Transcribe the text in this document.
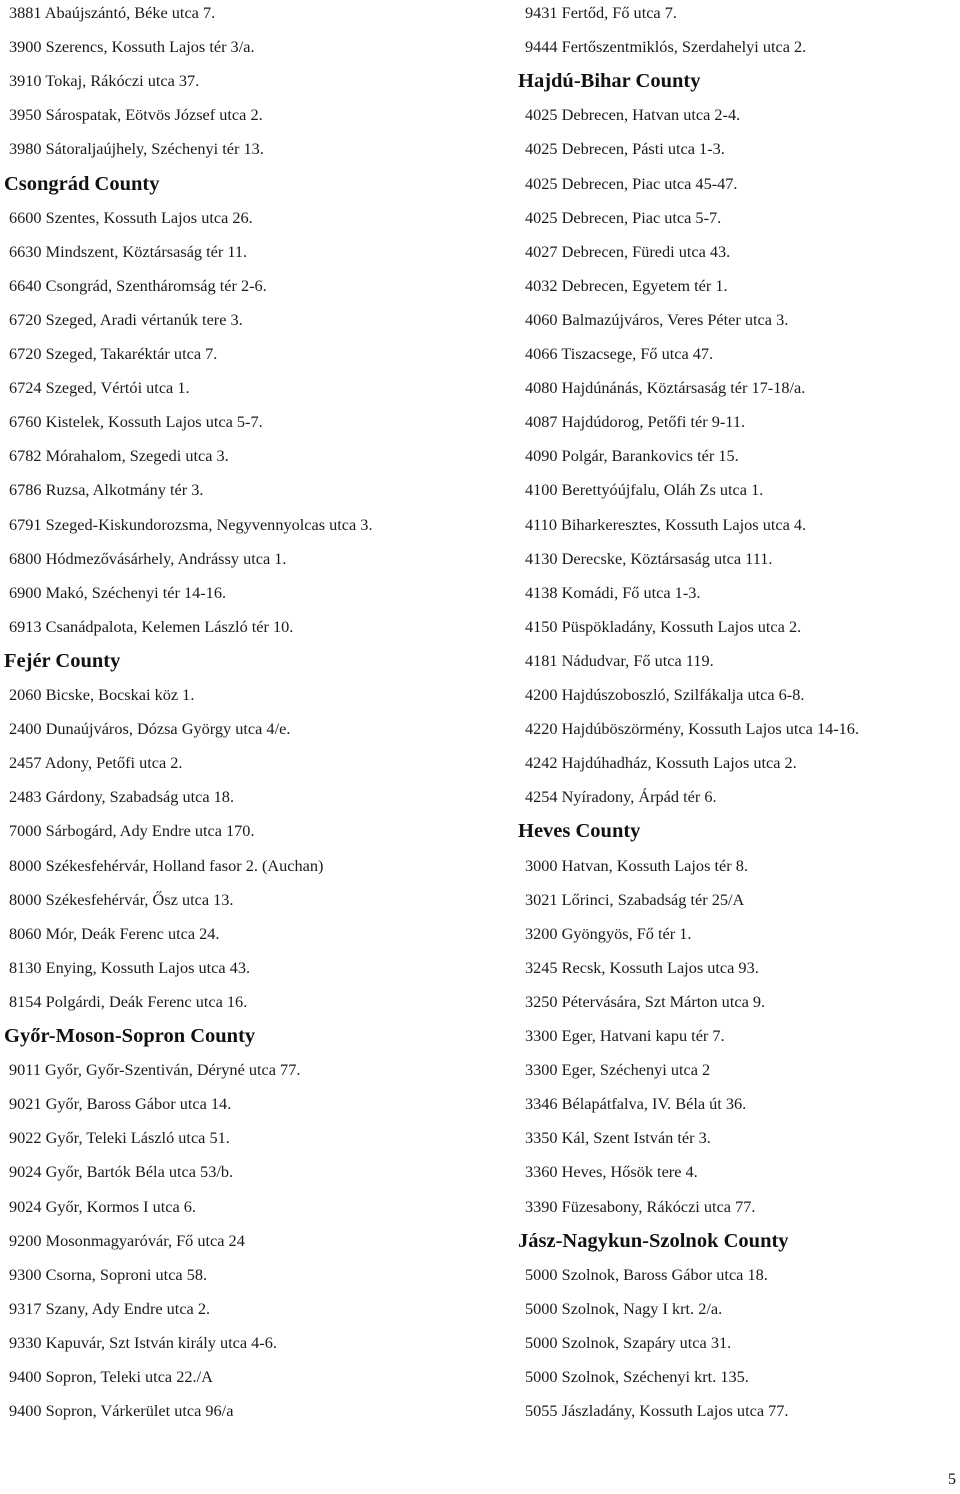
3881 Abaújszántó, Béke utca 7.
3900 Szerencs, Kossuth Lajos tér 3/a.
3910 Tokaj, Rákóczi utca 37.
3950 Sárospatak, Eötvös József utca 2.
3980 Sátoraljaújhely, Széchenyi tér 13.
Csongrád County
6600 Szentes, Kossuth Lajos utca 26.
6630 Mindszent, Köztársaság tér 11.
6640 Csongrád, Szentháromság tér 2-6.
6720 Szeged, Aradi vértanúk tere 3.
6720 Szeged, Takaréktár utca 7.
6724 Szeged, Vértói utca 1.
6760 Kistelek, Kossuth Lajos utca 5-7.
6782 Mórahalom, Szegedi utca 3.
6786 Ruzsa, Alkotmány tér 3.
6791 Szeged-Kiskundorozsma, Negyvennyolcas utca 3.
6800 Hódmezővásárhely, Andrássy utca 1.
6900 Makó, Széchenyi tér 14-16.
6913 Csanádpalota, Kelemen László tér 10.
Fejér County
2060 Bicske, Bocskai köz 1.
2400 Dunaújváros, Dózsa György utca 4/e.
2457 Adony, Petőfi utca 2.
2483 Gárdony, Szabadság utca 18.
7000 Sárbogárd, Ady Endre utca 170.
8000 Székesfehérvár, Holland fasor 2. (Auchan)
8000 Székesfehérvár, Ősz utca 13.
8060 Mór, Deák Ferenc utca 24.
8130 Enying, Kossuth Lajos utca 43.
8154 Polgárdi, Deák Ferenc utca 16.
Győr-Moson-Sopron County
9011 Győr, Győr-Szentiván, Déryné utca 77.
9021 Győr, Baross Gábor utca 14.
9022 Győr, Teleki László utca 51.
9024 Győr, Bartók Béla utca 53/b.
9024 Győr, Kormos I utca 6.
9200 Mosonmagyaróvár, Fő utca 24
9300 Csorna, Soproni utca 58.
9317 Szany, Ady Endre utca 2.
9330 Kapuvár, Szt István király utca 4-6.
9400 Sopron, Teleki utca 22./A
9400 Sopron, Várkerület utca 96/a
9431 Fertőd, Fő utca 7.
9444 Fertőszentmiklós, Szerdahelyi utca 2.
Hajdú-Bihar County
4025 Debrecen, Hatvan utca 2-4.
4025 Debrecen, Pásti utca 1-3.
4025 Debrecen, Piac utca 45-47.
4025 Debrecen, Piac utca 5-7.
4027 Debrecen, Füredi utca 43.
4032 Debrecen, Egyetem tér 1.
4060 Balmazújváros, Veres Péter utca 3.
4066 Tiszacsege, Fő utca 47.
4080 Hajdúnánás, Köztársaság tér 17-18/a.
4087 Hajdúdorog, Petőfi tér 9-11.
4090 Polgár, Barankovics tér 15.
4100 Berettyóújfalu, Oláh Zs utca 1.
4110 Biharkeresztes, Kossuth Lajos utca 4.
4130 Derecske, Köztársaság utca 111.
4138 Komádi, Fő utca 1-3.
4150 Püspökladány, Kossuth Lajos utca 2.
4181 Nádudvar, Fő utca 119.
4200 Hajdúszoboszló, Szilfákalja utca 6-8.
4220 Hajdúböszörmény, Kossuth Lajos utca 14-16.
4242 Hajdúhadház, Kossuth Lajos utca 2.
4254 Nyíradony, Árpád tér 6.
Heves County
3000 Hatvan, Kossuth Lajos tér 8.
3021 Lőrinci, Szabadság tér 25/A
3200 Gyöngyös, Fő tér 1.
3245 Recsk, Kossuth Lajos utca 93.
3250 Pétervására, Szt Márton utca 9.
3300 Eger, Hatvani kapu tér 7.
3300 Eger, Széchenyi utca 2
3346 Bélapátfalva, IV. Béla út 36.
3350 Kál, Szent István tér 3.
3360 Heves, Hősök tere 4.
3390 Füzesabony, Rákóczi utca 77.
Jász-Nagykun-Szolnok County
5000 Szolnok, Baross Gábor utca 18.
5000 Szolnok, Nagy I krt. 2/a.
5000 Szolnok, Szapáry utca 31.
5000 Szolnok, Széchenyi krt. 135.
5055 Jászladány, Kossuth Lajos utca 77.
5
